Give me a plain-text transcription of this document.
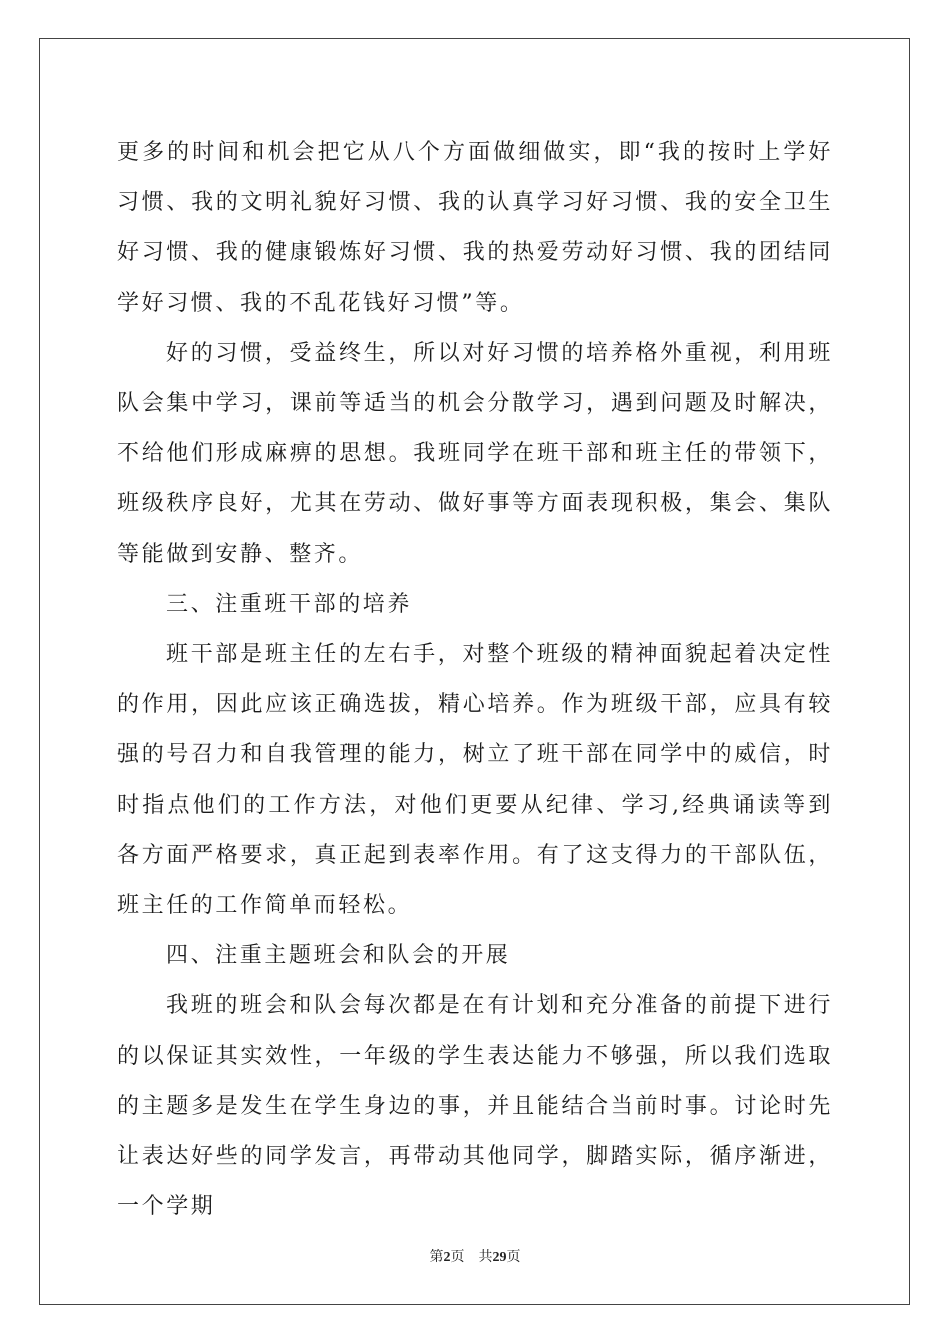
更多的时间和机会把它从八个方面做细做实，即“我的按时上学好习惯、我的文明礼貌好习惯、我的认真学习好习惯、我的安全卫生好习惯、我的健康锻炼好习惯、我的热爱劳动好习惯、我的团结同学好习惯、我的不乱花钱好习惯”等。

好的习惯，受益终生，所以对好习惯的培养格外重视，利用班队会集中学习，课前等适当的机会分散学习，遇到问题及时解决，不给他们形成麻痹的思想。我班同学在班干部和班主任的带领下，班级秩序良好，尤其在劳动、做好事等方面表现积极，集会、集队等能做到安静、整齐。

三、注重班干部的培养

班干部是班主任的左右手，对整个班级的精神面貌起着决定性的作用，因此应该正确选拔，精心培养。作为班级干部，应具有较强的号召力和自我管理的能力，树立了班干部在同学中的威信，时时指点他们的工作方法，对他们更要从纪律、学习,经典诵读等到各方面严格要求，真正起到表率作用。有了这支得力的干部队伍，班主任的工作简单而轻松。

四、注重主题班会和队会的开展

我班的班会和队会每次都是在有计划和充分准备的前提下进行的以保证其实效性，一年级的学生表达能力不够强，所以我们选取的主题多是发生在学生身边的事，并且能结合当前时事。讨论时先让表达好些的同学发言，再带动其他同学，脚踏实际，循序渐进，一个学期

第2页 共29页
